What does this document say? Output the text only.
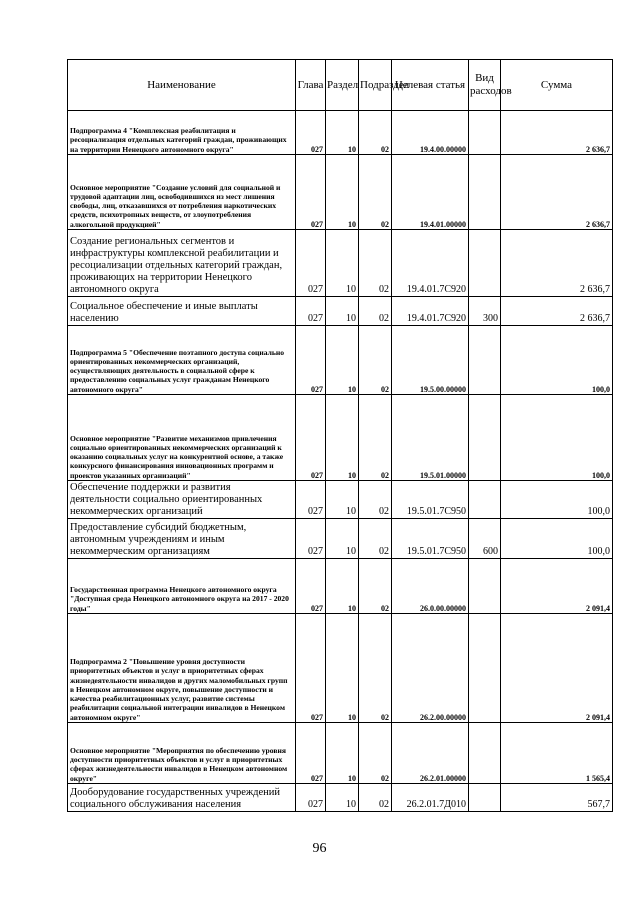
Наименование	Глава	Раздел	Подраздел	Целевая статья	Вид расходов	Сумма
Подпрограмма 4 "Комплексная реабилитация и ресоциализация отдельных категорий граждан, проживающих на территории Ненецкого автономного округа"	027	10	02	19.4.00.00000		2 636,7
Основное мероприятие "Создание условий для социальной и трудовой адаптации лиц, освободившихся из мест лишения свободы, лиц, отказавшихся от потребления наркотических средств, психотропных веществ, от злоупотребления алкогольной продукцией"	027	10	02	19.4.01.00000		2 636,7
Создание региональных сегментов и инфраструктуры комплексной реабилитации и ресоциализации отдельных категорий граждан, проживающих на территории Ненецкого автономного округа	027	10	02	19.4.01.7С920		2 636,7
Социальное обеспечение и иные выплаты населению	027	10	02	19.4.01.7С920	300	2 636,7
Подпрограмма 5 "Обеспечение поэтапного доступа социально ориентированных некоммерческих организаций, осуществляющих деятельность в социальной сфере к предоставлению социальных услуг гражданам Ненецкого автономного округа"	027	10	02	19.5.00.00000		100,0
Основное мероприятие "Развитие механизмов привлечения социально ориентированных некоммерческих организаций к оказанию социальных услуг на конкурентной основе, а также конкурсного финансирования инновационных программ и проектов указанных организаций"	027	10	02	19.5.01.00000		100,0
Обеспечение поддержки и развития деятельности социально ориентированных некоммерческих организаций	027	10	02	19.5.01.7С950		100,0
Предоставление субсидий бюджетным, автономным учреждениям и иным некоммерческим организациям	027	10	02	19.5.01.7С950	600	100,0
Государственная программа Ненецкого автономного округа "Доступная среда Ненецкого автономного округа на 2017 - 2020 годы"	027	10	02	26.0.00.00000		2 091,4
Подпрограмма 2 "Повышение уровня доступности приоритетных объектов и услуг в приоритетных сферах жизнедеятельности инвалидов и других маломобильных групп в Ненецком автономном округе, повышение доступности и качества реабилитационных услуг, развитие системы реабилитации социальной интеграции инвалидов в Ненецком автономном округе"	027	10	02	26.2.00.00000		2 091,4
Основное мероприятие "Мероприятия по обеспечению уровня доступности приоритетных объектов и услуг в приоритетных сферах жизнедеятельности инвалидов в Ненецком автономном округе"	027	10	02	26.2.01.00000		1 565,4
Дооборудование государственных учреждений социального обслуживания населения	027	10	02	26.2.01.7Д010		567,7
96
